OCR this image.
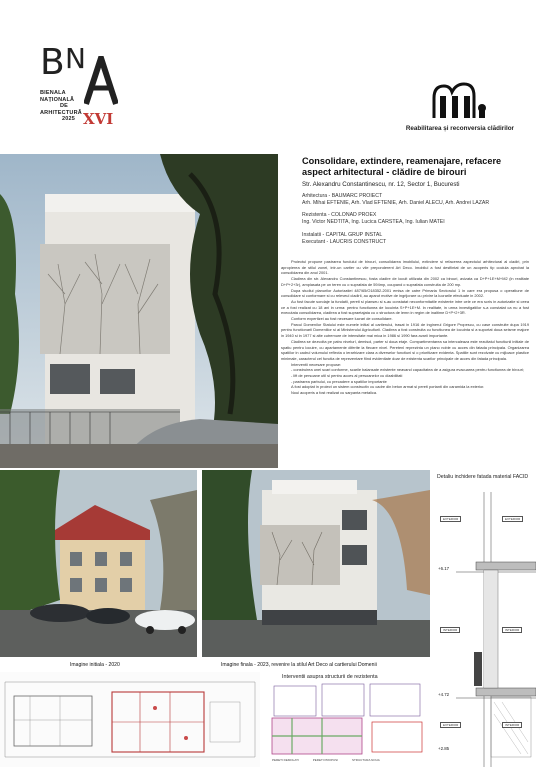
B N
BIENALA
NAȚIONALĂ
DE
ARHITECTURĂ
2025 XVI
Reabilitarea și reconversia clădirilor
Consolidare, extindere, reamenajare, refacere aspect arhitectural - clădire de birouri
Str. Alexandru Constantinescu, nr. 12, Sector 1, Bucuresti
Arhitectura - BAUMARC PROIECT
Arh. Mihai EFTENIE, Arh. Vlad EFTENIE, Arh. Daniel ALECU, Arh. Andrei LAZAR
Rezistenta - COLONAD PROEX
Ing. Victor NEDTITA, Ing. Lucica CARSTEA, Ing. Iulian MATEI
Instalatii - CAPITAL GRUP INSTAL
Executant - LAUCRIS CONSTRUCT

Proiectul propune pastrarea fundului de birouri, consolidarea imobilului, extindere si refacerea aspectului arhitectural al cladiri, prin apropierea de stilul zonei, intr-un cartier cu vile preponderent Art Deco. Imobilul a fost desfiintat de un acoperis tip cociula aprobat la consolidarea din anul 2001.

Cladirea din str. Alexandru Constantinescu, fosta cladire de locuit utilizata din 2002 ca birouri, avizata ca D+P+1E+M+M2 (in realitate D+P+2+3r), amplasata pe un teren cu o suprafata de 594mp, ocupand o suprafata construita de 200 mp.

Dupa studiul planurilor Autorizatiei 487/65/O18352-2001 emisa de catre Primaria Sectorului 1 in care era propusa o operatiune de consolidare si conformare si cu releveul cladirii, au aparut motive de ingrijorare cu privire la lucrarile efectuate in 2002.

Au fost facute sondaje la fundatii, pereti si planseu si s-au constatat neconformitatile existente intre cele ce era scris in autorizatie si ceea ce a fost realizat cu 18 ani in urma: pentru functiunea de locuinta S+P+1E+M. In realitate, in urma investigatiilor s-a constatat ca nu a fost executata consolidarea, cladirea a fost supraetajata cu o structura de lemn in regim de inaltime D+P+2+3R.

Conform expertizei au fost necesare lucrari de consolidare.

Parcul Domenilor Statului este numele initial al cartierului, trasat in 1916 de inginerul Grigore Propescu, cu case construite dupa 1919 pentru functionarii Domeniilor si ai Ministerului Agriculturii. Cladirea a fost construita cu functiunea de locuinta si a suportat doua seisme majore in 1940 si in 1977 si alte cutremure de intensitate mai mica in 1986 si 1990 fara avarii importante.

Cladirea se dezvolta pe patru nivelurl, demisol, parter si doua etaje. Compartimentarea sa intercaleaza este rezultatul functiunii initiale de spatiu pentru locuire, cu apartamente diferite la fiecare nivel. Peretenl reprezinta un plano noble cu acces din fatada principala. Organizarea spatiilor in cadrul volumului reflecta o ierarhizare clara a diverselor functiuni si o prioritizare evidenta. Spatiile sunt rezolvate cu mijloace plastice minimale, caracterul cel functia de reprezentare fiind evidentiate doar de existenta scarilor principale de acces din fatada principala.

Interventii necesare propuse:

- construirea unei scari conforme, scarile balansate existente neavand capacitatea de a asigura evacuarea pentru functiunea de birouri;

- lift de persoane util si pentru acces al persoanelor cu dizabilitati

- pastrarea parbului, cu precadere a spatiilor importante

A fost adoptat in proiect un sistem constructiv cu cadre din beton armat si pereti portanti din caramida la exterior.

Noul acoperis a fost realizat cu sarpanta metalica.

Imagine initiala - 2020	Imagine finala - 2023, revenire la stilul Art Deco al cartierului Domenii
Detaliu inchidere fatada material FACID
+6.17
+4.72
+2.85
EXTERIOR	EXTERIOR
INTERIOR	INTERIOR
EXTERIOR	INTERIOR
Interventii asupra structurii de rezistenta
PERETI DEMOLATI	PERETI PROPUSI	STRUCTURA NOUA
